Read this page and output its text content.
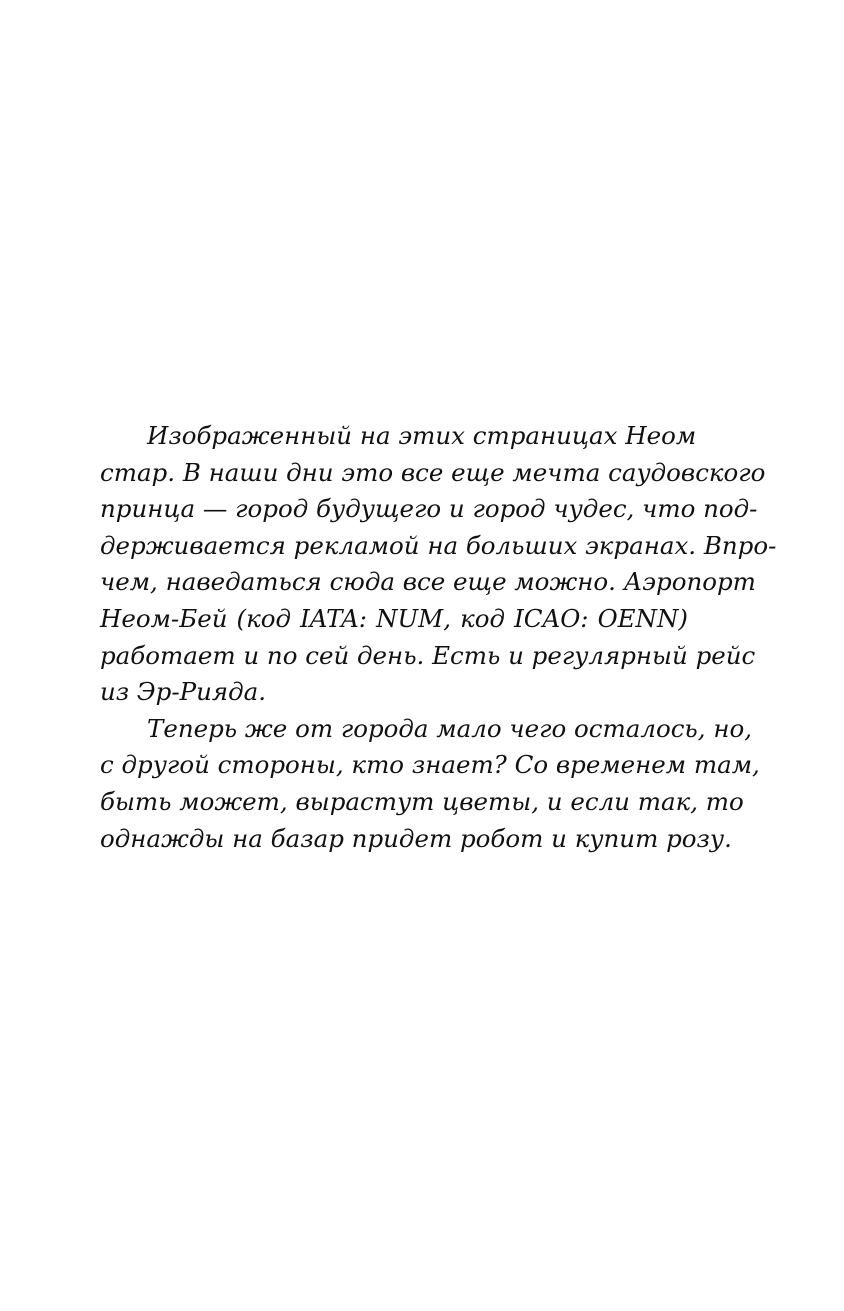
Изображенный на этих страницах Неом
стар. В наши дни это все еще мечта саудовского
принца — город будущего и город чудес, что под-
держивается рекламой на больших экранах. Впро-
чем, наведаться сюда все еще можно. Аэропорт
Неом-Бей (код IATA: NUM, код ICAO: OENN)
работает и по сей день. Есть и регулярный рейс
из Эр-Рияда.
Теперь же от города мало чего осталось, но,
с другой стороны, кто знает? Со временем там,
быть может, вырастут цветы, и если так, то
однажды на базар придет робот и купит розу.
